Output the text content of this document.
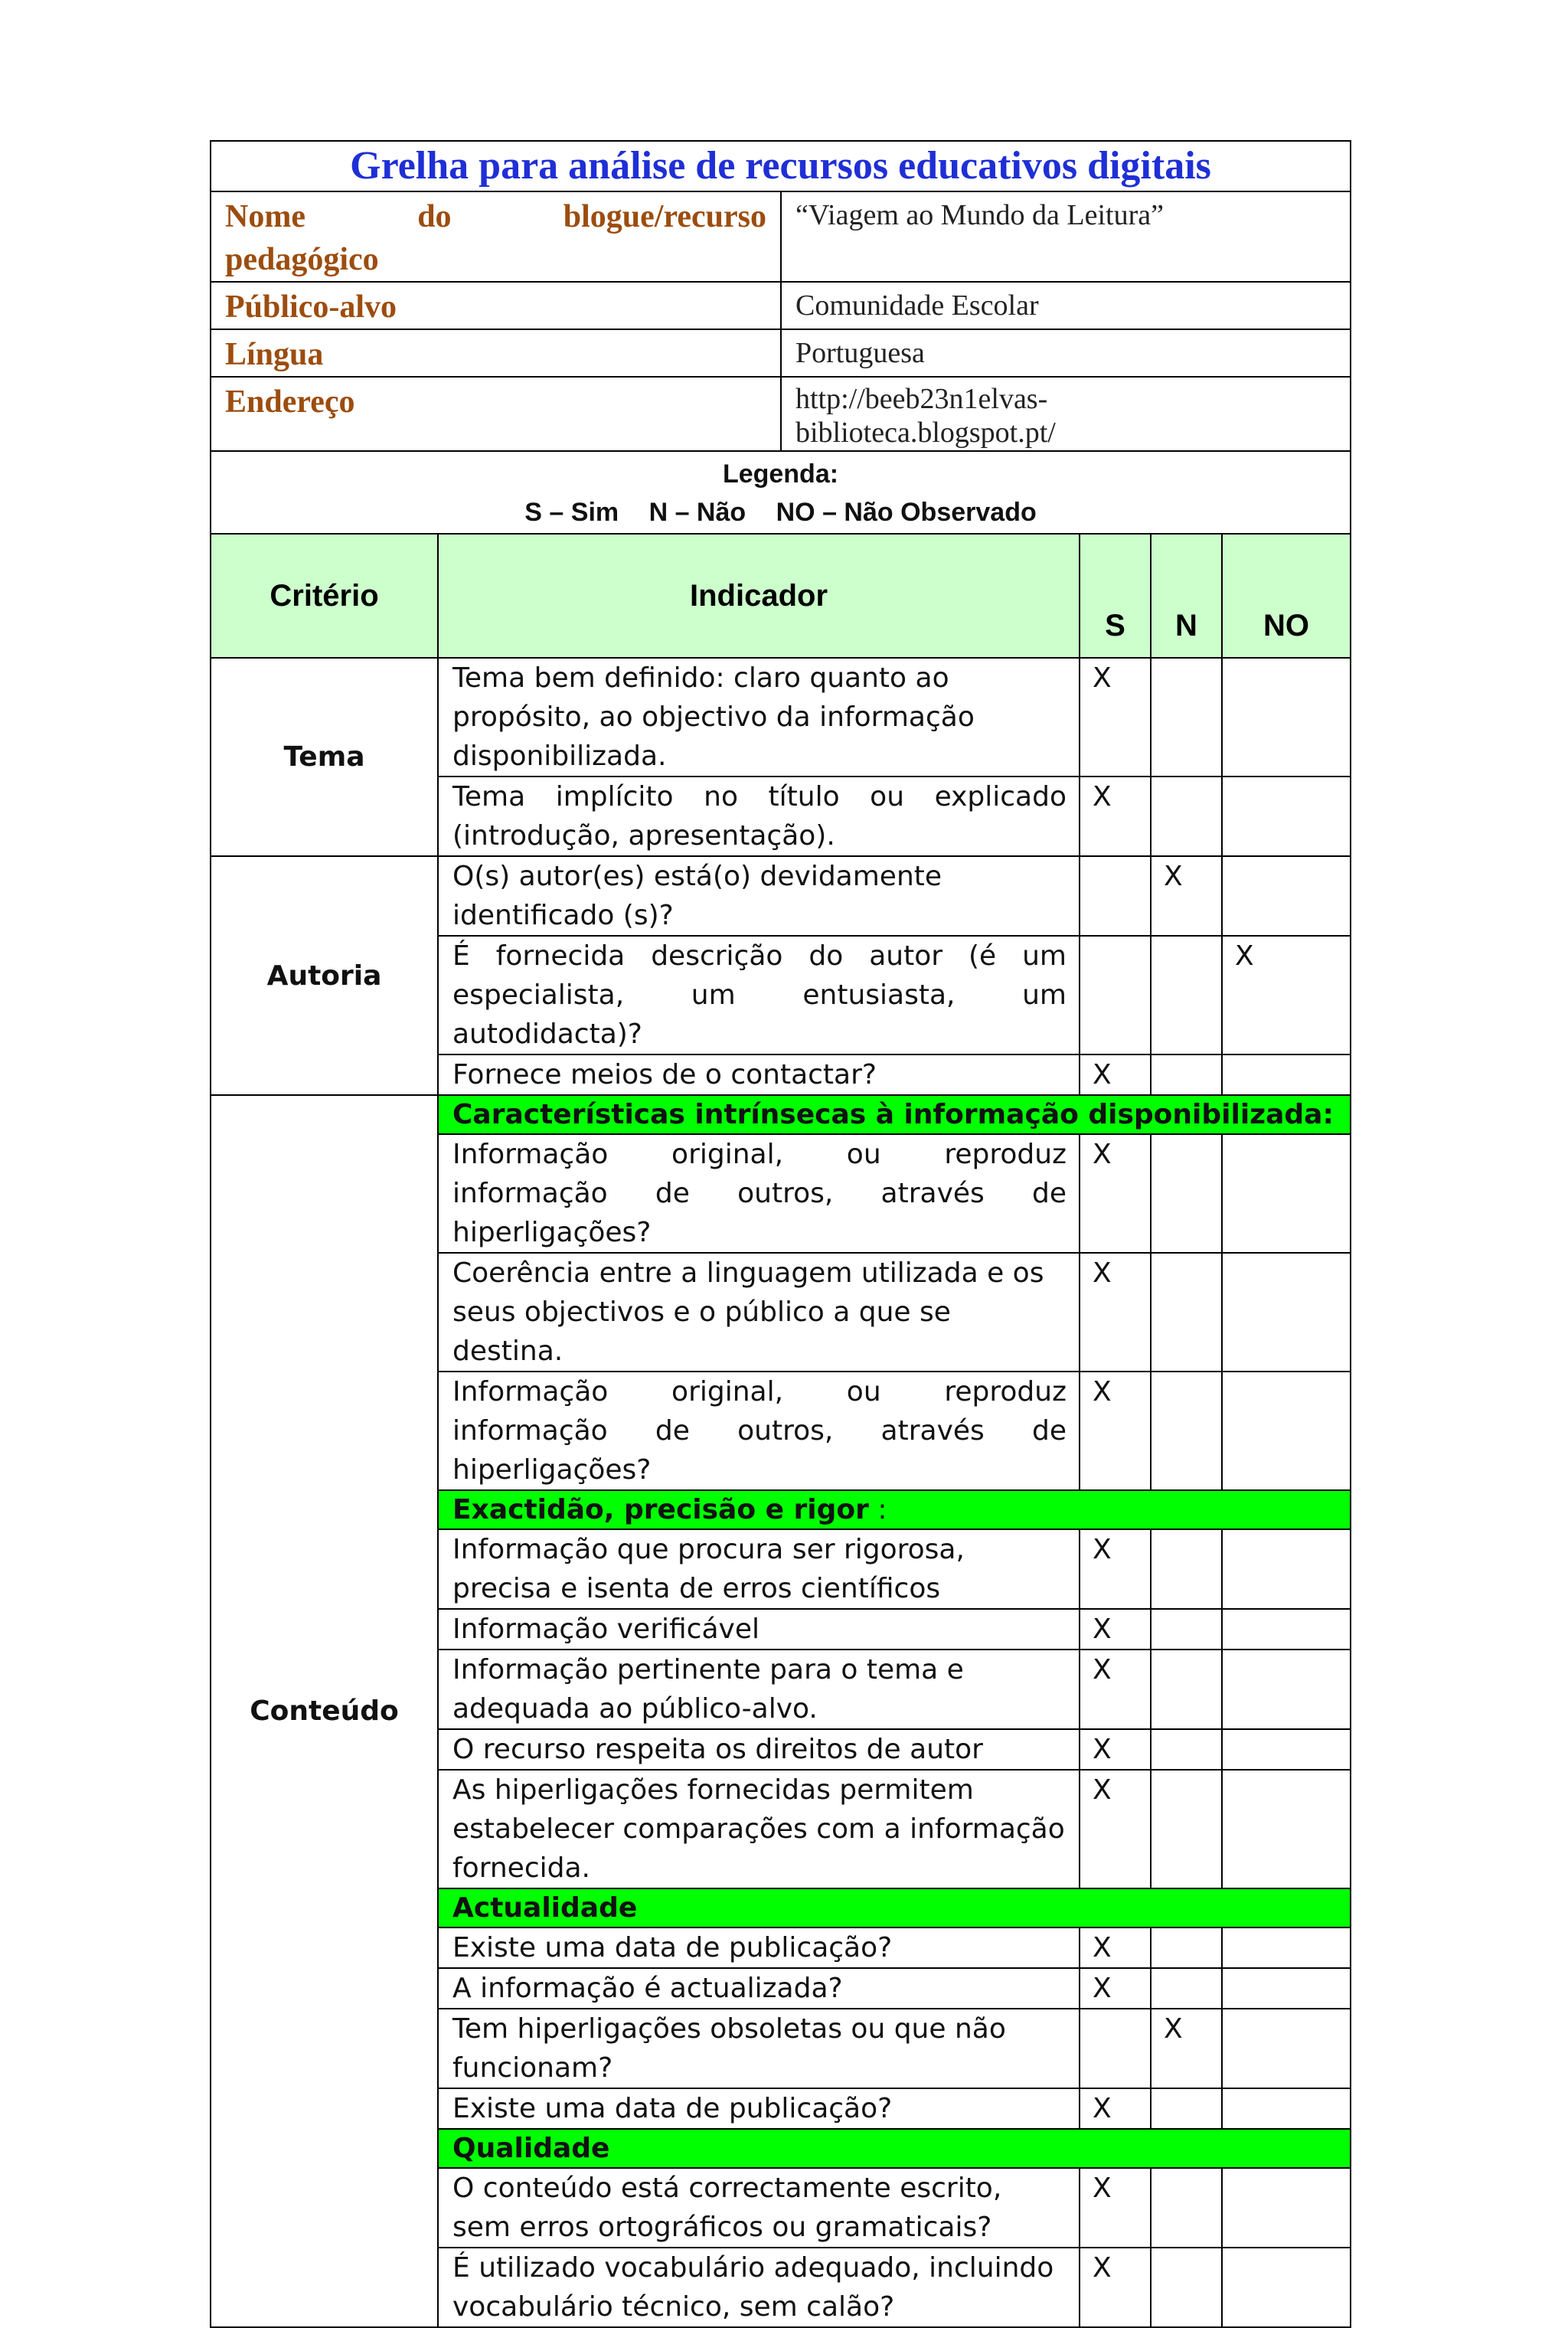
Grelha para análise de recursos educativos digitais	

Nome do blogue/recurso
pedagógico	“Viagem ao Mundo da Leitura”
Público-alvo	Comunidade Escolar
Língua	Portuguesa
Endereço	http://beeb23n1elvas-
biblioteca.blogspot.pt/

Legenda:
S – Sim N – Não NO – Não Observado	
Critério	Indicador	S	N	NO
Tema	Tema bem definido: claro quanto ao propósito, ao objectivo da informação disponibilizada.	X		
	Tema implícito no título ou explicado (introdução, apresentação).	X		
Autoria	O(s) autor(es) está(o) devidamente identificado (s)?		X	
	É fornecida descrição do autor (é um especialista, um entusiasta, um autodidacta)?			X
	Fornece meios de o contactar?	X		
Conteúdo	Características intrínsecas à informação disponibilizada:			
	Informação original, ou reproduz informação de outros, através de hiperligações?	X		
	Coerência entre a linguagem utilizada e os seus objectivos e o público a que se destina.	X		
	Informação original, ou reproduz informação de outros, através de hiperligações?	X		
	Exactidão, precisão e rigor :			
	Informação que procura ser rigorosa, precisa e isenta de erros científicos	X		
	Informação verificável	X		
	Informação pertinente para o tema e adequada ao público-alvo.	X		
	O recurso respeita os direitos de autor	X		
	As hiperligações fornecidas permitem estabelecer comparações com a informação fornecida.	X		
	Actualidade			
	Existe uma data de publicação?	X		
	A informação é actualizada?	X		
	Tem hiperligações obsoletas ou que não funcionam?		X	
	Existe uma data de publicação?	X		
	Qualidade			
	O conteúdo está correctamente escrito, sem erros ortográficos ou gramaticais?	X		
	É utilizado vocabulário adequado, incluindo vocabulário técnico, sem calão?	X		
